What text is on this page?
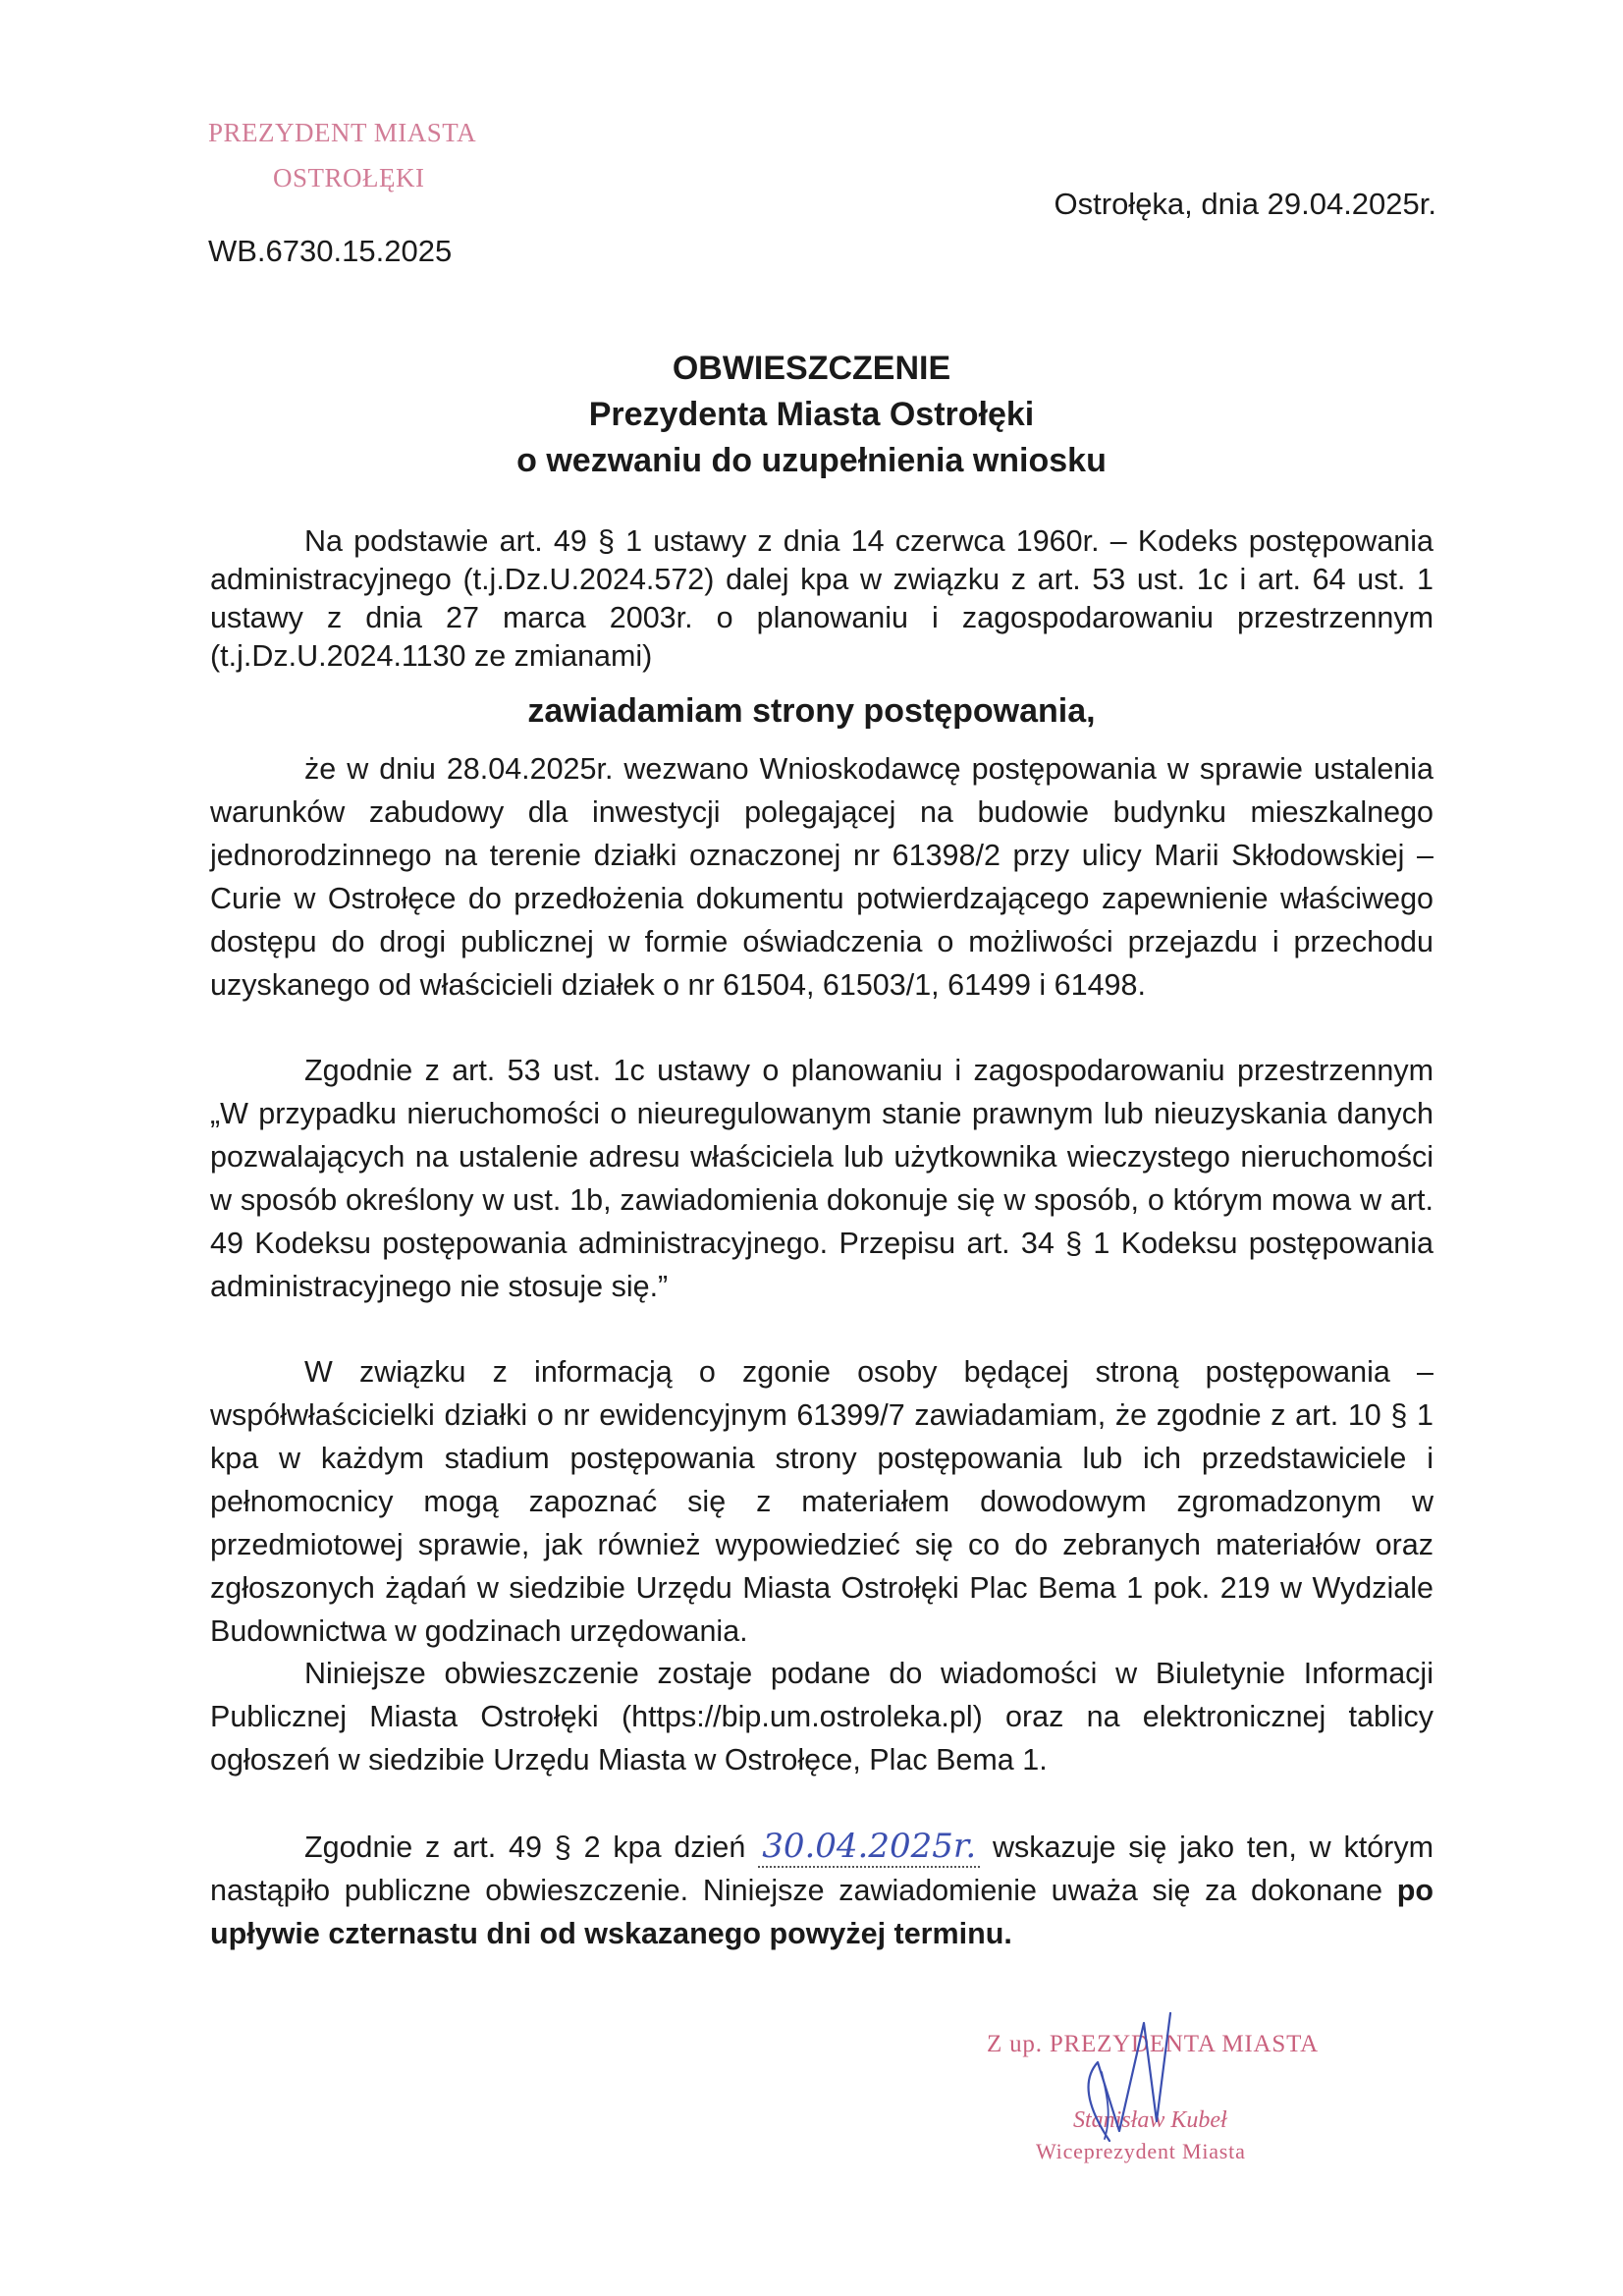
PREZYDENT MIASTA
OSTROŁĘKI
Ostrołęka, dnia 29.04.2025r.
WB.6730.15.2025
OBWIESZCZENIE
Prezydenta Miasta Ostrołęki
o wezwaniu do uzupełnienia wniosku

Na podstawie art. 49 § 1 ustawy z dnia 14 czerwca 1960r. – Kodeks postępowania administracyjnego (t.j.Dz.U.2024.572) dalej kpa w związku z art. 53 ust. 1c i art. 64 ust. 1 ustawy z dnia 27 marca 2003r. o planowaniu i zagospodarowaniu przestrzennym (t.j.Dz.U.2024.1130 ze zmianami)

zawiadamiam strony postępowania,

że w dniu 28.04.2025r. wezwano Wnioskodawcę postępowania w sprawie ustalenia warunków zabudowy dla inwestycji polegającej na budowie budynku mieszkalnego jednorodzinnego na terenie działki oznaczonej nr 61398/2 przy ulicy Marii Skłodowskiej – Curie w Ostrołęce do przedłożenia dokumentu potwierdzającego zapewnienie właściwego dostępu do drogi publicznej w formie oświadczenia o możliwości przejazdu i przechodu uzyskanego od właścicieli działek o nr 61504, 61503/1, 61499 i 61498.

Zgodnie z art. 53 ust. 1c ustawy o planowaniu i zagospodarowaniu przestrzennym „W przypadku nieruchomości o nieuregulowanym stanie prawnym lub nieuzyskania danych pozwalających na ustalenie adresu właściciela lub użytkownika wieczystego nieruchomości w sposób określony w ust. 1b, zawiadomienia dokonuje się w sposób, o którym mowa w art. 49 Kodeksu postępowania administracyjnego. Przepisu art. 34 § 1 Kodeksu postępowania administracyjnego nie stosuje się.”

W związku z informacją o zgonie osoby będącej stroną postępowania – współwłaścicielki działki o nr ewidencyjnym 61399/7 zawiadamiam, że zgodnie z art. 10 § 1 kpa w każdym stadium postępowania strony postępowania lub ich przedstawiciele i pełnomocnicy mogą zapoznać się z materiałem dowodowym zgromadzonym w przedmiotowej sprawie, jak również wypowiedzieć się co do zebranych materiałów oraz zgłoszonych żądań w siedzibie Urzędu Miasta Ostrołęki Plac Bema 1 pok. 219 w Wydziale Budownictwa w godzinach urzędowania.

Niniejsze obwieszczenie zostaje podane do wiadomości w Biuletynie Informacji Publicznej Miasta Ostrołęki (https://bip.um.ostroleka.pl) oraz na elektronicznej tablicy ogłoszeń w siedzibie Urzędu Miasta w Ostrołęce, Plac Bema 1.

Zgodnie z art. 49 § 2 kpa dzień 30.04.2025r. wskazuje się jako ten, w którym nastąpiło publiczne obwieszczenie. Niniejsze zawiadomienie uważa się za dokonane po upływie czternastu dni od wskazanego powyżej terminu.

Z up. PREZYDENTA MIASTA
Stanisław Kubeł
Wiceprezydent Miasta
